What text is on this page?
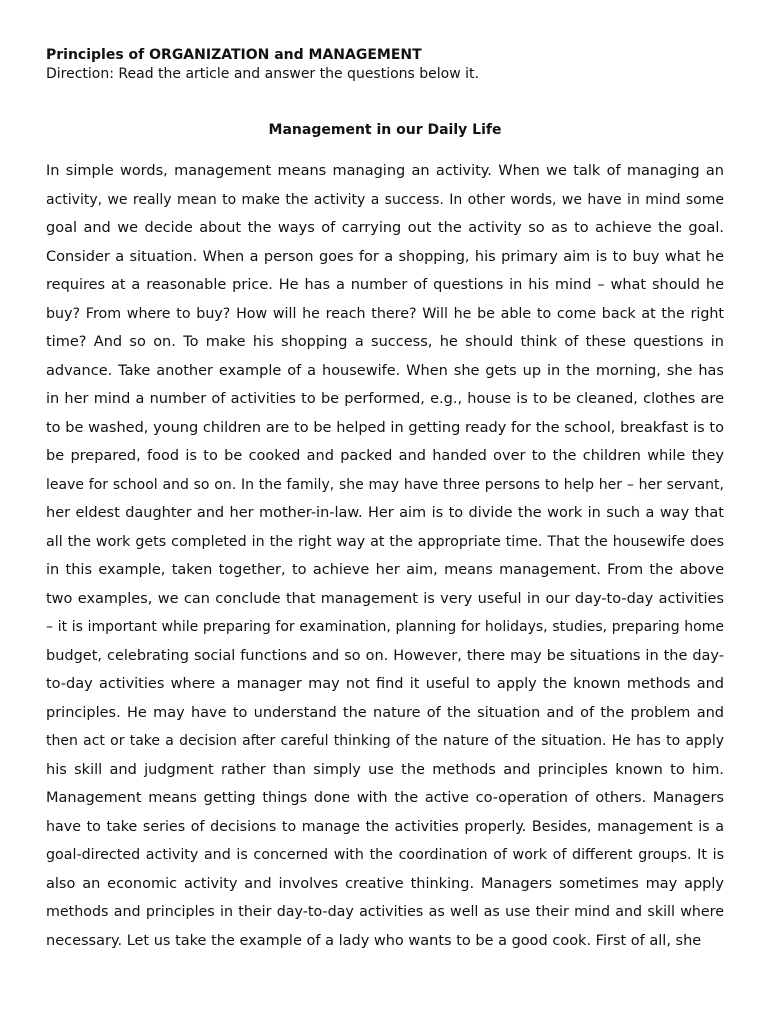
Principles of ORGANIZATION and MANAGEMENT

Direction: Read the article and answer the questions below it.

Management in our Daily Life

In simple words, management means managing an activity. When we talk of managing an
activity, we really mean to make the activity a success. In other words, we have in mind some
goal and we decide about the ways of carrying out the activity so as to achieve the goal.
Consider a situation. When a person goes for a shopping, his primary aim is to buy what he
requires at a reasonable price. He has a number of questions in his mind – what should he
buy? From where to buy? How will he reach there? Will he be able to come back at the right
time? And so on. To make his shopping a success, he should think of these questions in
advance. Take another example of a housewife. When she gets up in the morning, she has
in her mind a number of activities to be performed, e.g., house is to be cleaned, clothes are
to be washed, young children are to be helped in getting ready for the school, breakfast is to
be prepared, food is to be cooked and packed and handed over to the children while they
leave for school and so on. In the family, she may have three persons to help her – her servant,
her eldest daughter and her mother-in-law. Her aim is to divide the work in such a way that
all the work gets completed in the right way at the appropriate time. That the housewife does
in this example, taken together, to achieve her aim, means management. From the above
two examples, we can conclude that management is very useful in our day-to-day activities
– it is important while preparing for examination, planning for holidays, studies, preparing home
budget, celebrating social functions and so on. However, there may be situations in the day-
to-day activities where a manager may not find it useful to apply the known methods and
principles. He may have to understand the nature of the situation and of the problem and
then act or take a decision after careful thinking of the nature of the situation. He has to apply
his skill and judgment rather than simply use the methods and principles known to him.
Management means getting things done with the active co-operation of others. Managers
have to take series of decisions to manage the activities properly. Besides, management is a
goal-directed activity and is concerned with the coordination of work of different groups. It is
also an economic activity and involves creative thinking. Managers sometimes may apply
methods and principles in their day-to-day activities as well as use their mind and skill where
necessary. Let us take the example of a lady who wants to be a good cook. First of all, she
